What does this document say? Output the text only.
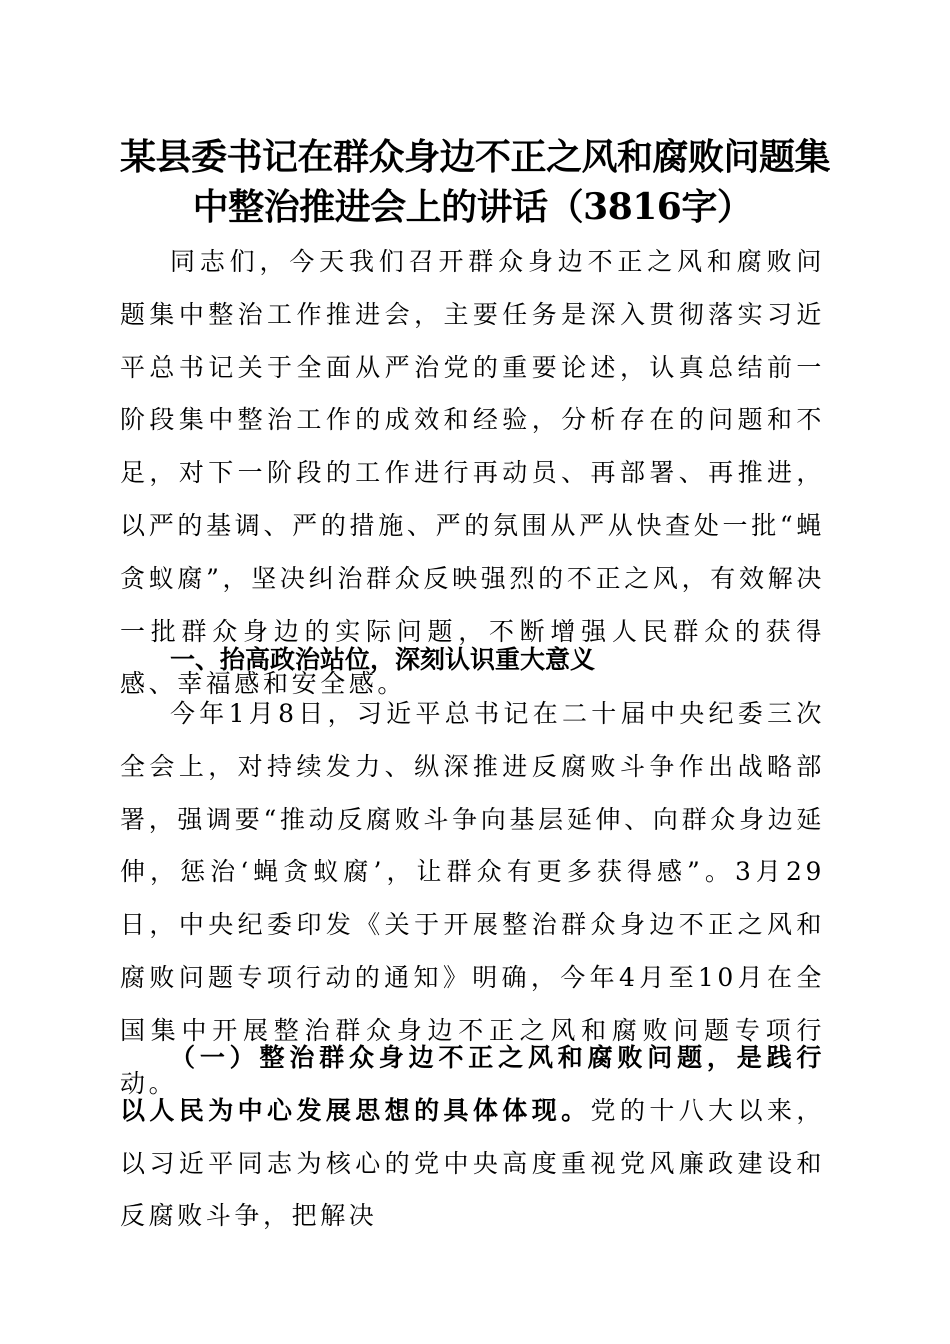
某县委书记在群众身边不正之风和腐败问题集
中整治推进会上的讲话（3816字）

同志们，今天我们召开群众身边不正之风和腐败问题集中整治工作推进会，主要任务是深入贯彻落实习近平总书记关于全面从严治党的重要论述，认真总结前一阶段集中整治工作的成效和经验，分析存在的问题和不足，对下一阶段的工作进行再动员、再部署、再推进，以严的基调、严的措施、严的氛围从严从快查处一批“蝇贪蚁腐”，坚决纠治群众反映强烈的不正之风，有效解决一批群众身边的实际问题，不断增强人民群众的获得感、幸福感和安全感。

一、抬高政治站位，深刻认识重大意义

今年1月8日，习近平总书记在二十届中央纪委三次全会上，对持续发力、纵深推进反腐败斗争作出战略部署，强调要“推动反腐败斗争向基层延伸、向群众身边延伸，惩治‘蝇贪蚁腐’，让群众有更多获得感”。3月29日，中央纪委印发《关于开展整治群众身边不正之风和腐败问题专项行动的通知》明确，今年4月至10月在全国集中开展整治群众身边不正之风和腐败问题专项行动。

（一）整治群众身边不正之风和腐败问题，是践行以人民为中心发展思想的具体体现。党的十八大以来，以习近平同志为核心的党中央高度重视党风廉政建设和反腐败斗争，把解决
